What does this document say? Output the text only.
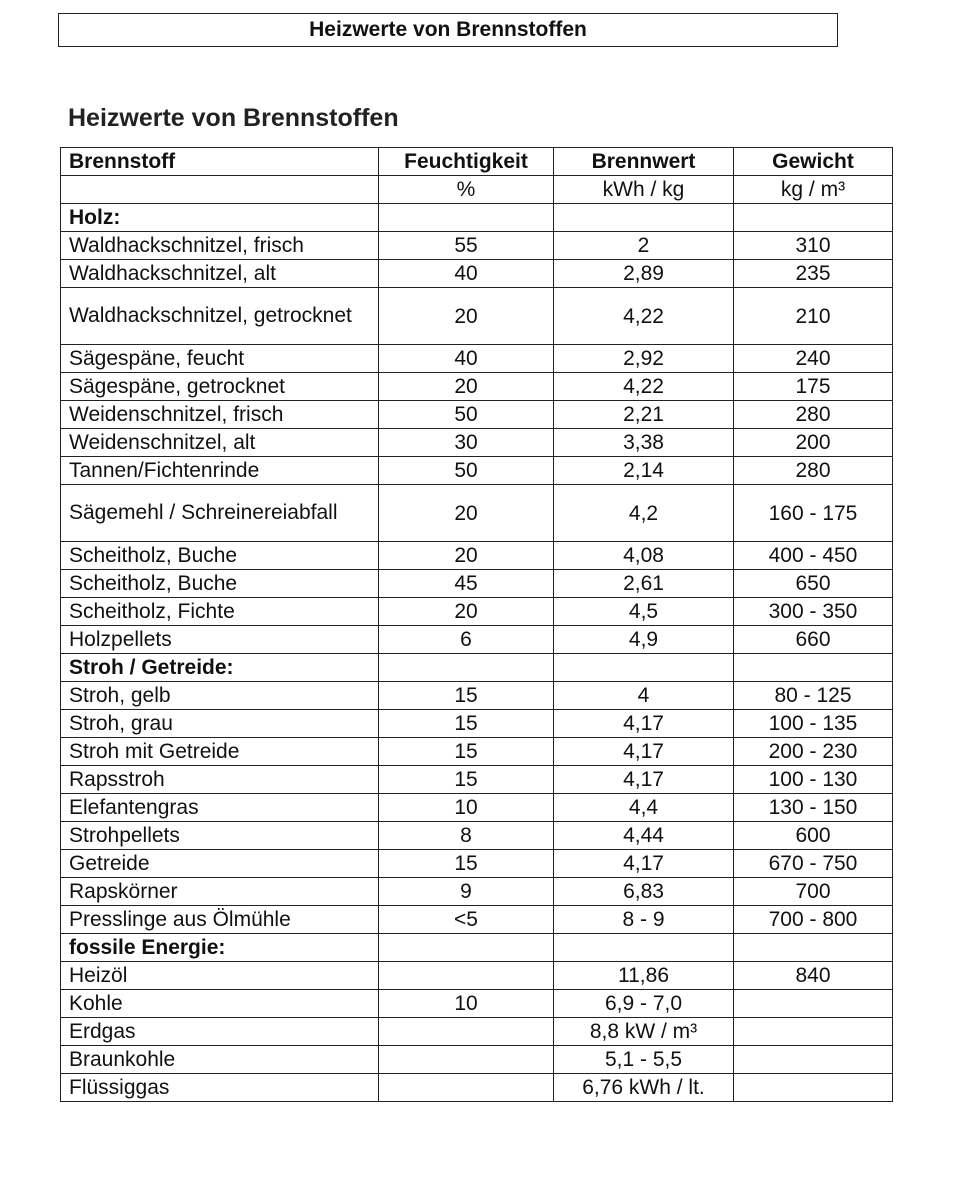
Heizwerte von Brennstoffen
Heizwerte von Brennstoffen
Brennstoff	Feuchtigkeit	Brennwert	Gewicht
	%	kWh / kg	kg / m³
Holz:			
Waldhackschnitzel, frisch	55	2	310
Waldhackschnitzel, alt	40	2,89	235
Waldhackschnitzel, getrocknet	20	4,22	210
Sägespäne, feucht	40	2,92	240
Sägespäne, getrocknet	20	4,22	175
Weidenschnitzel, frisch	50	2,21	280
Weidenschnitzel, alt	30	3,38	200
Tannen/Fichtenrinde	50	2,14	280
Sägemehl / Schreinereiabfall	20	4,2	160 - 175
Scheitholz, Buche	20	4,08	400 - 450
Scheitholz, Buche	45	2,61	650
Scheitholz, Fichte	20	4,5	300 - 350
Holzpellets	6	4,9	660
Stroh / Getreide:			
Stroh, gelb	15	4	80 - 125
Stroh, grau	15	4,17	100 - 135
Stroh mit Getreide	15	4,17	200 - 230
Rapsstroh	15	4,17	100 - 130
Elefantengras	10	4,4	130 - 150
Strohpellets	8	4,44	600
Getreide	15	4,17	670 - 750
Rapskörner	9	6,83	700
Presslinge aus Ölmühle	<5	8 - 9	700 - 800
fossile Energie:			
Heizöl		11,86	840
Kohle	10	6,9 - 7,0	
Erdgas		8,8 kW / m³	
Braunkohle		5,1 - 5,5	
Flüssiggas		6,76 kWh / lt.	
